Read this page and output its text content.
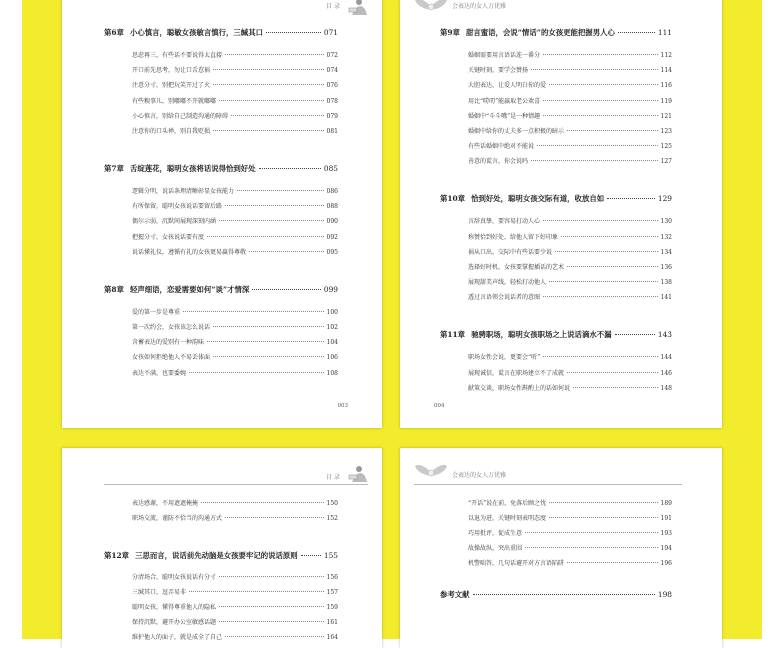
目 录
第6章 小心慎言，聪敏女孩敏言慎行，三缄其口	071
思虑再三，有些话不要说得太直接	072
开口前先思考，勿让口舌惹祸	074
注意分寸，别把玩笑开过了火	076
有些糗事儿，别嘟嘟不开就嘟嘟	078
小心慎言，别给自己制造沟通的障碍	079
注意你的口头禅，别自我贬损	081
第7章 舌绽莲花，聪明女孩将话说得恰到好处	085
逻辑分明，说话条理清晰彰显女孩能力	086
有所保留，聪明女孩说话要留后路	088
偶尔示弱，沉默间展现深刻内涵	090
把握分寸，女孩说话要有度	092
说话懂礼仪，遵循有礼的女孩更易赢得尊敬	095
第8章 轻声细语，恋爱需要如何“谈”才情深	099
爱的第一步是尊重	100
第一次约会，女孩该怎么说话	102
含蓄表达的爱别有一种韵味	104
女孩如何拒绝他人不易丢体面	106
表达不满，也要委婉	108
003
会表达的女人万优雅
第9章 甜言蜜语，会说“情话”的女孩更能把握男人心	111
婚姻需要用言语话连一番分	112
关键时刻，要学会赞扬	114
大胆表达，让爱人明白你的爱	116
用比“唠叨”能赢取老公欢喜	119
婚姻中“斗斗嘴”是一种情趣	121
婚姻中给你的丈夫多一点积极的暗示	123
有些话婚姻中绝对不能说	125
善意的谎言，你会说吗	127
第10章 恰到好处，聪明女孩交际有道，收放自如	129
言辞真挚，要容易打动人心	130
称赞恰到好处，给他人留下好印象	132
祸从口出，交际中有些话要少说	134
选择好时机，女孩要掌握插话的艺术	136
展现甜美声线，轻松打动他人	138
透过言语领会说话者的意图	141
第11章 驰骋职场，聪明女孩职场之上说话滴水不漏	143
职场女性会说，更要会“听”	144
展现诚信，谎言在职场建立不了成就	146
献策交谈，职场女性斟酌上的话如何说	148
004
目 录
表达感谢，不用遮遮掩掩	150
职场交流，谨防不恰当的沟通方式	152
第12章 三思而言，说话前先动脑是女孩要牢记的说话原则	155
分清场合，聪明女孩说话有分寸	156
三缄其口，逗弄易非	157
聪明女孩，懂得尊重他人的隐私	159
保持沉默，避开办公室敏感话题	161
维护他人的面子，就是成全了自己	164
会表达的女人万优雅
“开话”说在前，免落后顾之忧	189
以退为进，关键时刻表明态度	191
巧用批评，促成生意	193
故操故纵，突出重围	194
机警咄答，几句话避开对方言语陷阱	196
参考文献	198
